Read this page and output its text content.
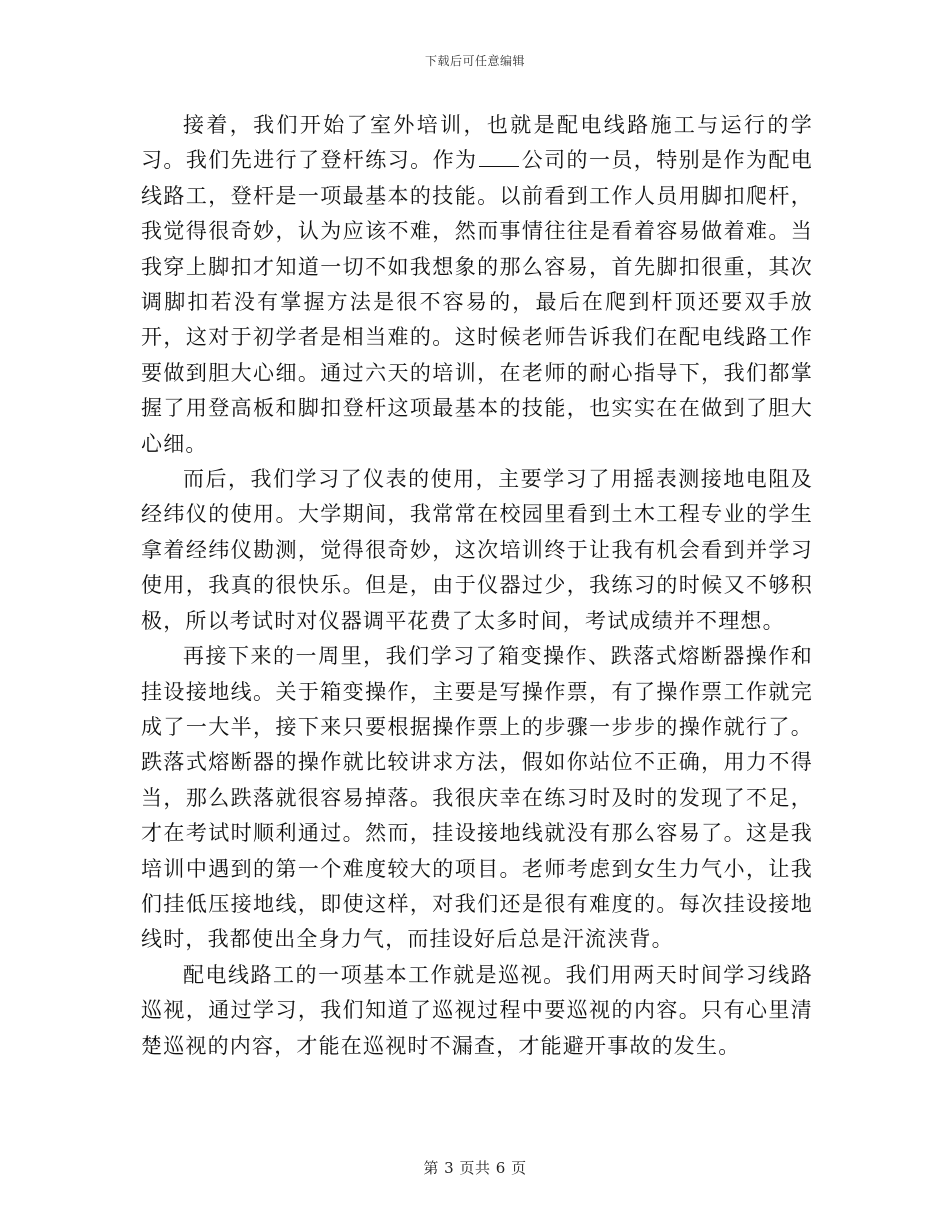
下载后可任意编辑

接着，我们开始了室外培训，也就是配电线路施工与运行的学习。我们先进行了登杆练习。作为 公司的一员，特别是作为配电线路工，登杆是一项最基本的技能。以前看到工作人员用脚扣爬杆，我觉得很奇妙，认为应该不难，然而事情往往是看着容易做着难。当我穿上脚扣才知道一切不如我想象的那么容易，首先脚扣很重，其次调脚扣若没有掌握方法是很不容易的，最后在爬到杆顶还要双手放开，这对于初学者是相当难的。这时候老师告诉我们在配电线路工作要做到胆大心细。通过六天的培训，在老师的耐心指导下，我们都掌握了用登高板和脚扣登杆这项最基本的技能，也实实在在做到了胆大心细。

而后，我们学习了仪表的使用，主要学习了用摇表测接地电阻及经纬仪的使用。大学期间，我常常在校园里看到土木工程专业的学生拿着经纬仪勘测，觉得很奇妙，这次培训终于让我有机会看到并学习使用，我真的很快乐。但是，由于仪器过少，我练习的时候又不够积极，所以考试时对仪器调平花费了太多时间，考试成绩并不理想。

再接下来的一周里，我们学习了箱变操作、跌落式熔断器操作和挂设接地线。关于箱变操作，主要是写操作票，有了操作票工作就完成了一大半，接下来只要根据操作票上的步骤一步步的操作就行了。跌落式熔断器的操作就比较讲求方法，假如你站位不正确，用力不得当，那么跌落就很容易掉落。我很庆幸在练习时及时的发现了不足，才在考试时顺利通过。然而，挂设接地线就没有那么容易了。这是我培训中遇到的第一个难度较大的项目。老师考虑到女生力气小，让我们挂低压接地线，即使这样，对我们还是很有难度的。每次挂设接地线时，我都使出全身力气，而挂设好后总是汗流浃背。

配电线路工的一项基本工作就是巡视。我们用两天时间学习线路巡视，通过学习，我们知道了巡视过程中要巡视的内容。只有心里清楚巡视的内容，才能在巡视时不漏查，才能避开事故的发生。

第 3 页共 6 页
